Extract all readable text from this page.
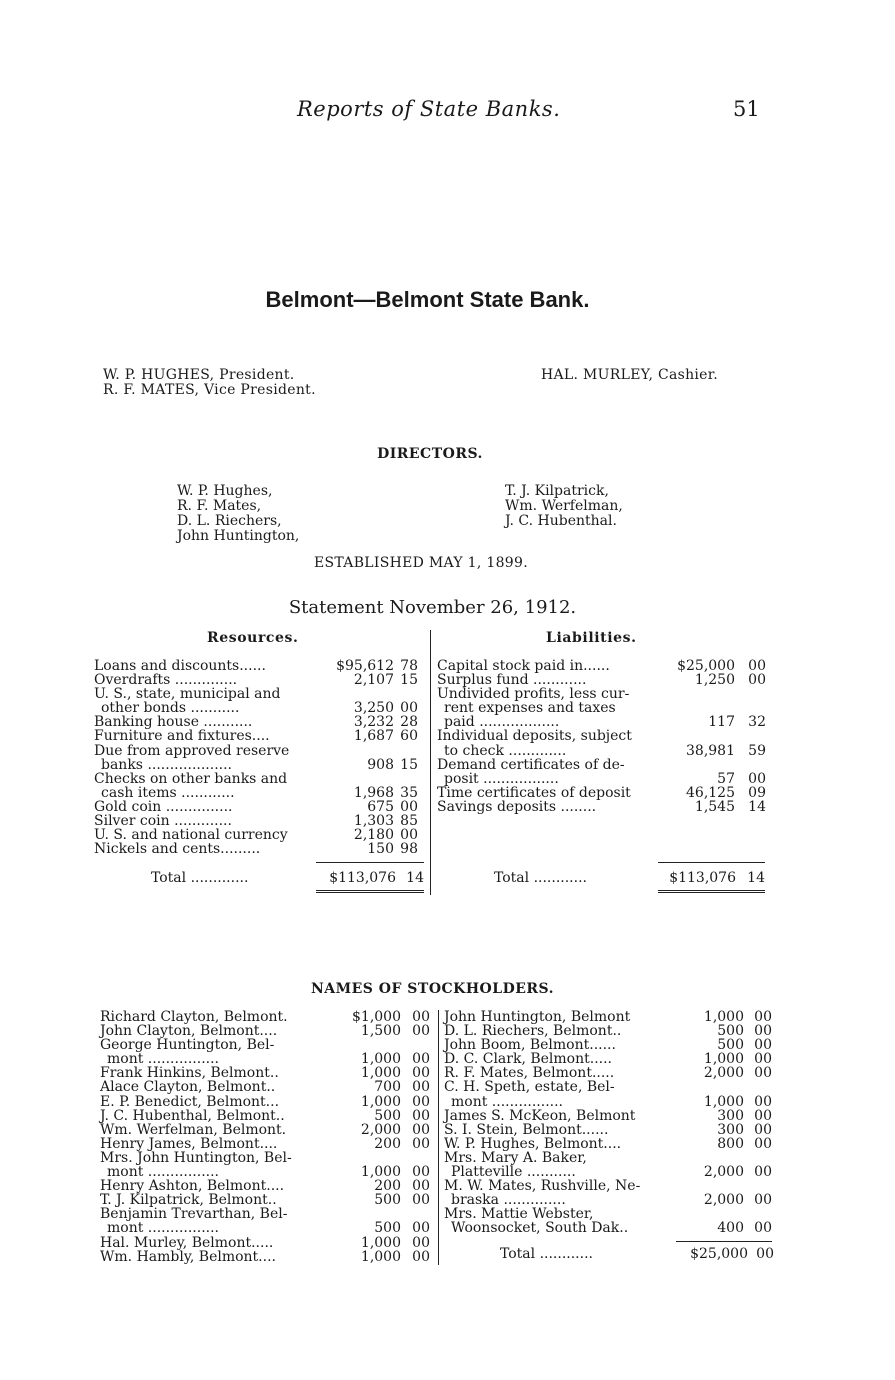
Reports of State Banks.	51
Belmont—Belmont State Bank.
W. P. HUGHES, President.
R. F. MATES, Vice President.
HAL. MURLEY, Cashier.
DIRECTORS.
W. P. Hughes,
R. F. Mates,
D. L. Riechers,
John Huntington,
T. J. Kilpatrick,
Wm. Werfelman,
J. C. Hubenthal.
ESTABLISHED MAY 1, 1899.
Statement November 26, 1912.
Resources.	Liabilities.
Loans and discounts......	$95,612 78
Overdrafts ..............	2,107 15
U. S., state, municipal and
 other bonds ...........	3,250 00
Banking house ...........	3,232 28
Furniture and fixtures....	1,687 60
Due from approved reserve
 banks ...................	908 15
Checks on other banks and
 cash items ............	1,968 35
Gold coin ...............	675 00
Silver coin .............	1,303 85
U. S. and national currency	2,180 00
Nickels and cents.........	150 98
Capital stock paid in......	$25,000 00
Surplus fund ............	1,250 00
Undivided profits, less cur-
 rent expenses and taxes
 paid ..................	117 32
Individual deposits, subject
 to check .............	38,981 59
Demand certificates of de-
 posit .................	57 00
Time certificates of deposit	46,125 09
Savings deposits ........	1,545 14
Total .............	$113,076 14	Total ............	$113,076 14
NAMES OF STOCKHOLDERS.
Richard Clayton, Belmont.	$1,000 00
John Clayton, Belmont....	1,500 00
George Huntington, Bel-
 mont ................	1,000 00
Frank Hinkins, Belmont..	1,000 00
Alace Clayton, Belmont..	700 00
E. P. Benedict, Belmont...	1,000 00
J. C. Hubenthal, Belmont..	500 00
Wm. Werfelman, Belmont.	2,000 00
Henry James, Belmont....	200 00
Mrs. John Huntington, Bel-
 mont ................	1,000 00
Henry Ashton, Belmont....	200 00
T. J. Kilpatrick, Belmont..	500 00
Benjamin Trevarthan, Bel-
 mont ................	500 00
Hal. Murley, Belmont.....	1,000 00
Wm. Hambly, Belmont....	1,000 00
John Huntington, Belmont	1,000 00
D. L. Riechers, Belmont..	500 00
John Boom, Belmont......	500 00
D. C. Clark, Belmont.....	1,000 00
R. F. Mates, Belmont.....	2,000 00
C. H. Speth, estate, Bel-
 mont ................	1,000 00
James S. McKeon, Belmont	300 00
S. I. Stein, Belmont......	300 00
W. P. Hughes, Belmont....	800 00
Mrs. Mary A. Baker,
 Platteville ...........	2,000 00
M. W. Mates, Rushville, Ne-
 braska ..............	2,000 00
Mrs. Mattie Webster,
 Woonsocket, South Dak..	400 00
Total ............	$25,000 00
